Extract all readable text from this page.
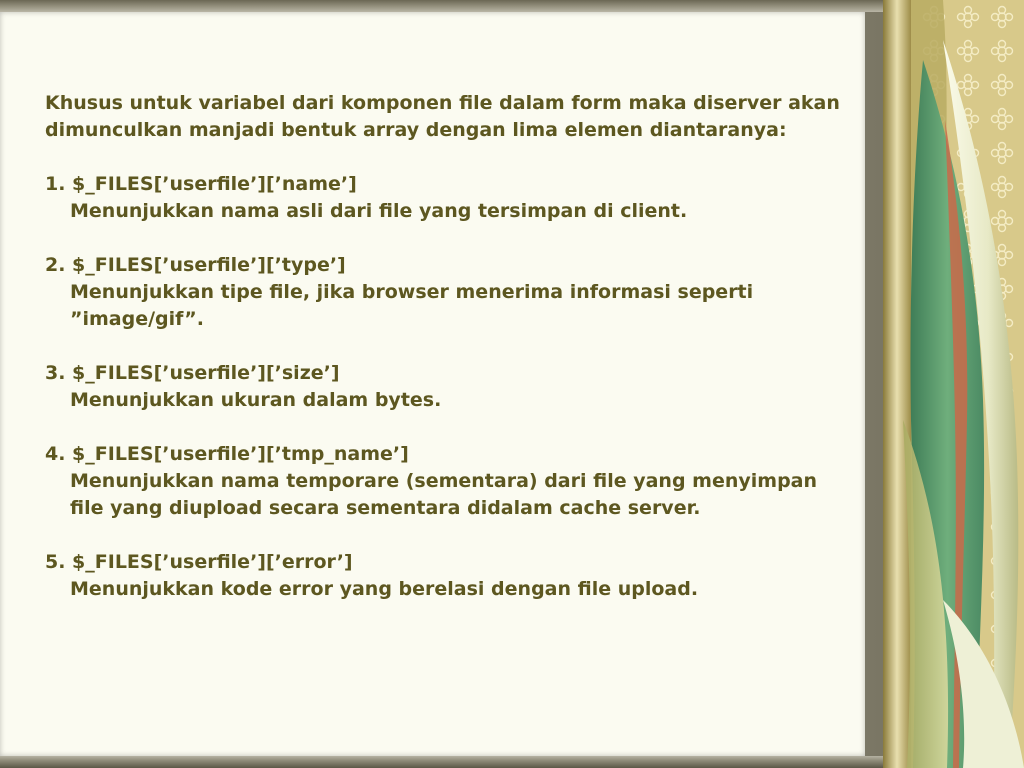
Khusus untuk variabel dari komponen file dalam form maka diserver akan dimunculkan manjadi bentuk array dengan lima elemen diantaranya:

1. $_FILES[’userfile’][’name’]
Menunjukkan nama asli dari file yang tersimpan di client.
2. $_FILES[’userfile’][’type’]
Menunjukkan tipe file, jika browser menerima informasi seperti ”image/gif”.
3. $_FILES[’userfile’][’size’]
Menunjukkan ukuran dalam bytes.
4. $_FILES[’userfile’][’tmp_name’]
Menunjukkan nama temporare (sementara) dari file yang menyimpan file yang diupload secara sementara didalam cache server.
5. $_FILES[’userfile’][’error’]
Menunjukkan kode error yang berelasi dengan file upload.
